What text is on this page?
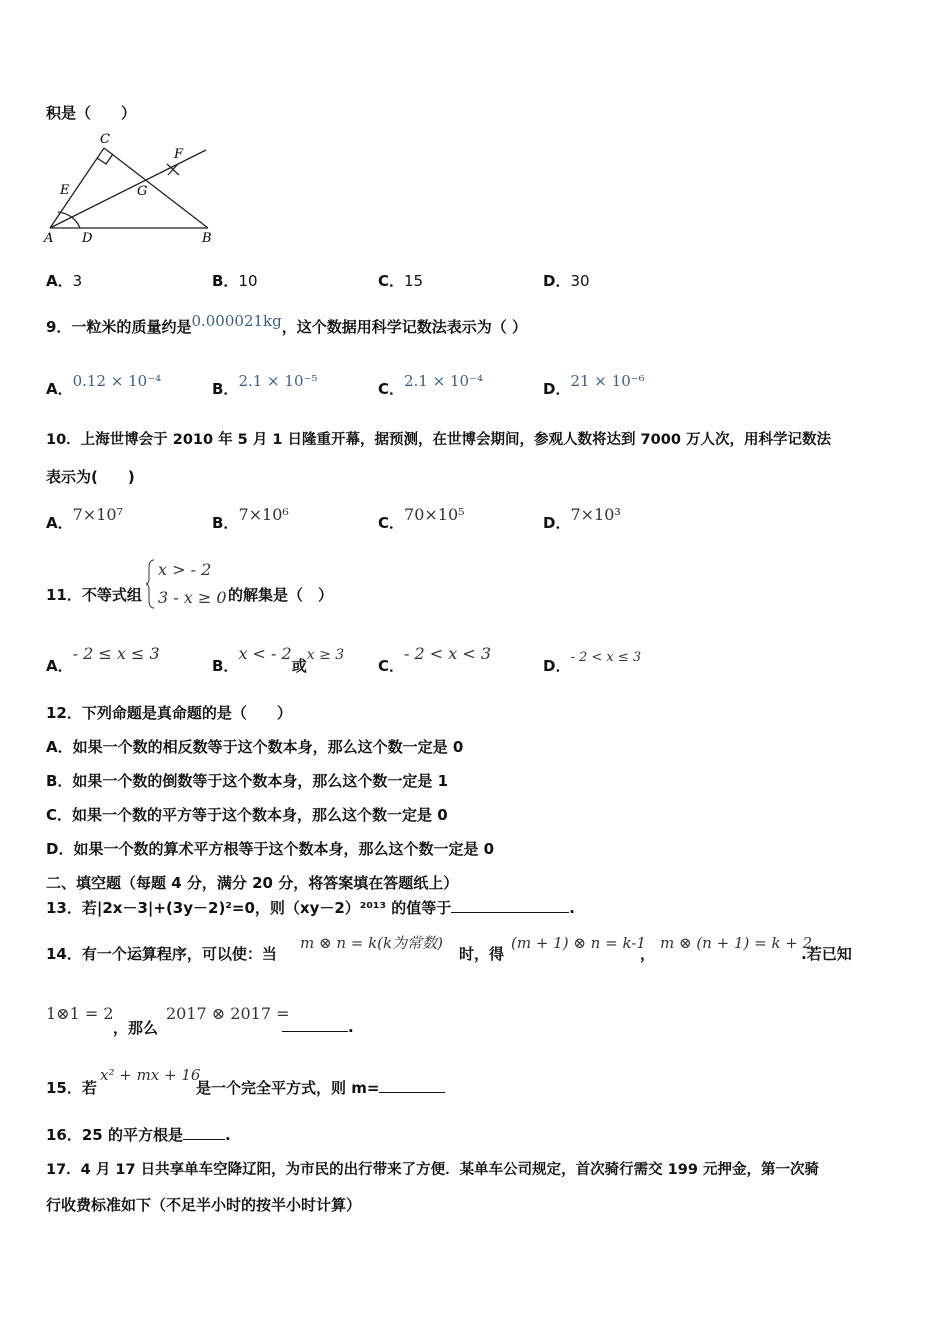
积是（　　）
C
F
E	G
A D	B
A．3	B．10	C．15	D．30
9．一粒米的质量约是0.000021kg，这个数据用科学记数法表示为（ ）
A．0.12 × 10⁻⁴	B．2.1 × 10⁻⁵	C．2.1 × 10⁻⁴	D．21 × 10⁻⁶
10．上海世博会于 2010 年 5 月 1 日隆重开幕，据预测，在世博会期间，参观人数将达到 7000 万人次，用科学记数法
表示为(　　)
A．7×10⁷	B．7×10⁶	C．70×10⁵	D．7×10³
11．不等式组
x > - 2
3 - x ≥ 0 的解集是（　）
A．- 2 ≤ x ≤ 3
B．x < - 2或x ≥ 3
C．- 2 < x < 3
D．- 2 < x ≤ 3
12．下列命题是真命题的是（　　）
A．如果一个数的相反数等于这个数本身，那么这个数一定是 0
B．如果一个数的倒数等于这个数本身，那么这个数一定是 1
C．如果一个数的平方等于这个数本身，那么这个数一定是 0
D．如果一个数的算术平方根等于这个数本身，那么这个数一定是 0
二、填空题（每题 4 分，满分 20 分，将答案填在答题纸上）
13．若|2x－3|+(3y－2)²=0，则（xy－2）²⁰¹³ 的值等于	.
14．有一个运算程序，可以使：当
m ⊗ n = k(k为常数)
时，得
(m + 1) ⊗ n = k-1
，
m ⊗ (n + 1) = k + 2
.若已知
1⊗1 = 2
，那么
2017 ⊗ 2017 =
.
15．若
x² + mx + 16
是一个完全平方式，则 m=
16．25 的平方根是	.
17．4 月 17 日共享单车空降辽阳，为市民的出行带来了方便．某单车公司规定，首次骑行需交 199 元押金，第一次骑
行收费标准如下（不足半小时的按半小时计算）
